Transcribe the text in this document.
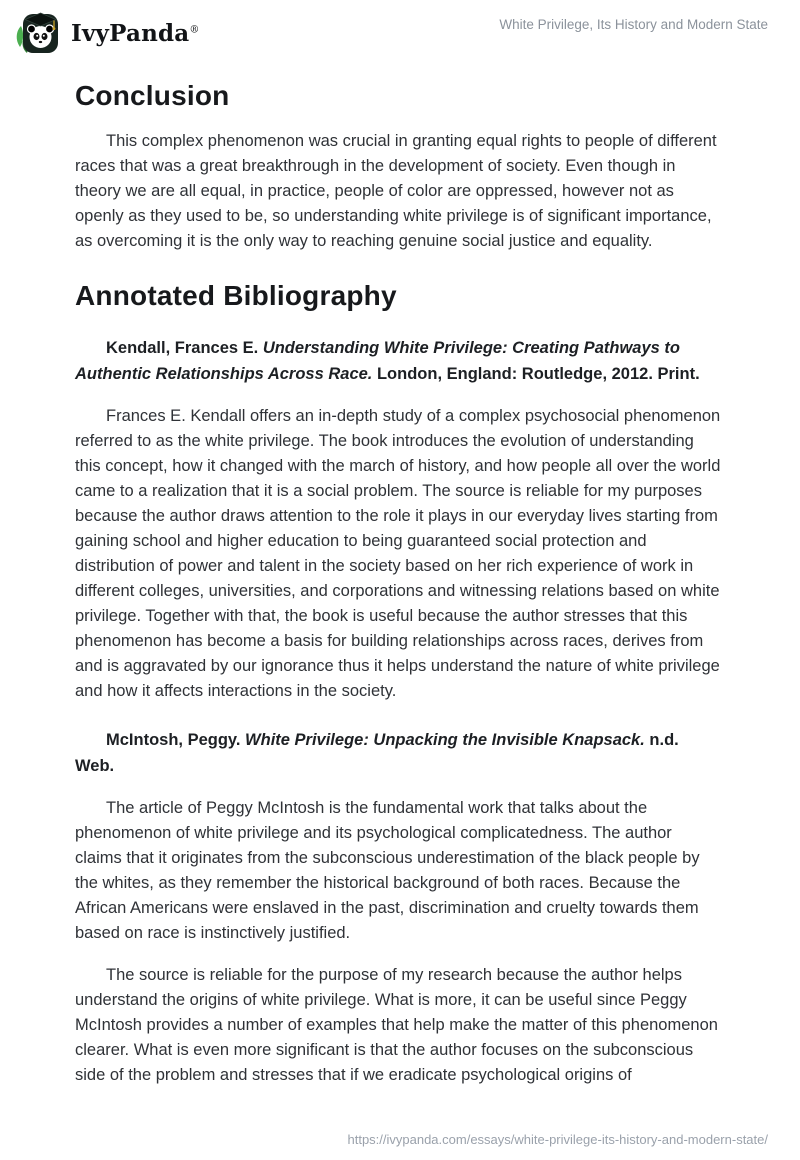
IvyPanda®	White Privilege, Its History and Modern State
Conclusion

This complex phenomenon was crucial in granting equal rights to people of different races that was a great breakthrough in the development of society. Even though in theory we are all equal, in practice, people of color are oppressed, however not as openly as they used to be, so understanding white privilege is of significant importance, as overcoming it is the only way to reaching genuine social justice and equality.

Annotated Bibliography

Kendall, Frances E. Understanding White Privilege: Creating Pathways to Authentic Relationships Across Race. London, England: Routledge, 2012. Print.

Frances E. Kendall offers an in-depth study of a complex psychosocial phenomenon referred to as the white privilege. The book introduces the evolution of understanding this concept, how it changed with the march of history, and how people all over the world came to a realization that it is a social problem. The source is reliable for my purposes because the author draws attention to the role it plays in our everyday lives starting from gaining school and higher education to being guaranteed social protection and distribution of power and talent in the society based on her rich experience of work in different colleges, universities, and corporations and witnessing relations based on white privilege. Together with that, the book is useful because the author stresses that this phenomenon has become a basis for building relationships across races, derives from and is aggravated by our ignorance thus it helps understand the nature of white privilege and how it affects interactions in the society.

McIntosh, Peggy. White Privilege: Unpacking the Invisible Knapsack. n.d. Web.

The article of Peggy McIntosh is the fundamental work that talks about the phenomenon of white privilege and its psychological complicatedness. The author claims that it originates from the subconscious underestimation of the black people by the whites, as they remember the historical background of both races. Because the African Americans were enslaved in the past, discrimination and cruelty towards them based on race is instinctively justified.

The source is reliable for the purpose of my research because the author helps understand the origins of white privilege. What is more, it can be useful since Peggy McIntosh provides a number of examples that help make the matter of this phenomenon clearer. What is even more significant is that the author focuses on the subconscious side of the problem and stresses that if we eradicate psychological origins of

https://ivypanda.com/essays/white-privilege-its-history-and-modern-state/
